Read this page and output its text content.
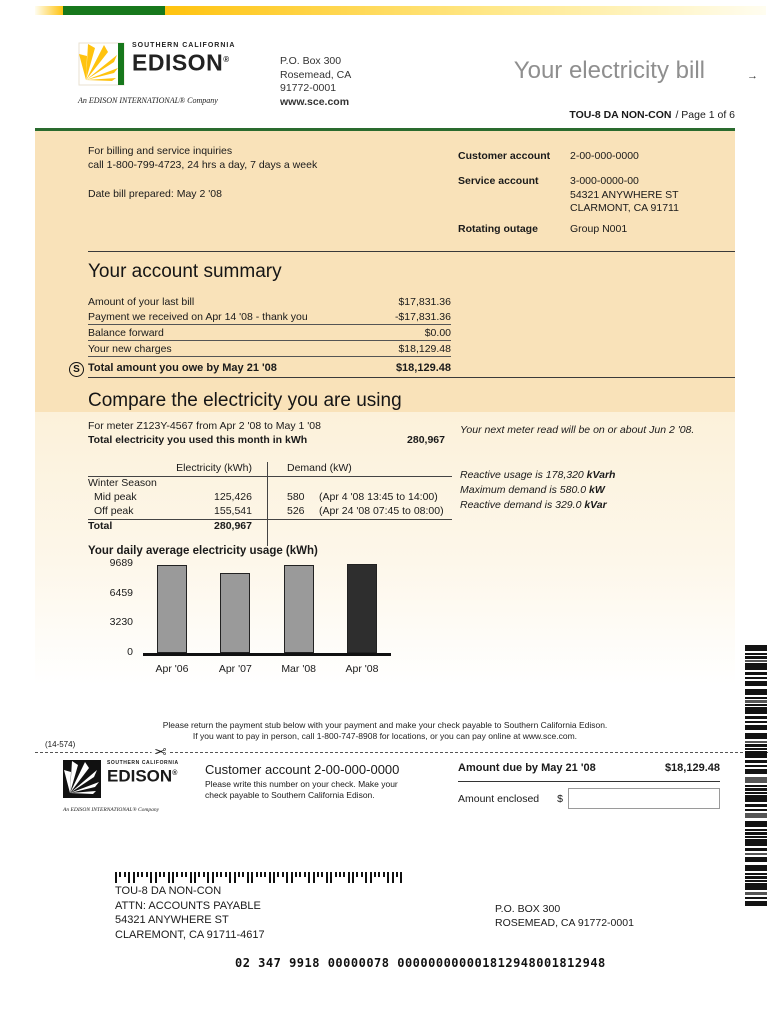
SOUTHERN CALIFORNIA
EDISON®
An EDISON INTERNATIONAL® Company
P.O. Box 300
Rosemead, CA
91772-0001
www.sce.com
Your electricity bill	→
TOU-8 DA NON-CON / Page 1 of 6
For billing and service inquiries
call 1-800-799-4723, 24 hrs a day, 7 days a week
Date bill prepared: May 2 '08
Customer account	2-00-000-0000
Service account	3-000-0000-00
54321 ANYWHERE ST
CLARMONT, CA 91711
Rotating outage	Group N001
Your account summary
Amount of your last bill	$17,831.36
Payment we received on Apr 14 '08 - thank you	-$17,831.36
Balance forward	$0.00
Your new charges	$18,129.48
S Total amount you owe by May 21 '08	$18,129.48
Compare the electricity you are using
For meter Z123Y-4567 from Apr 2 '08 to May 1 '08
Total electricity you used this month in kWh	280,967
Your next meter read will be on or about Jun 2 '08.
Electricity (kWh)	Demand (kW)
Winter Season
Mid peak	125,426	580	(Apr 4 '08 13:45 to 14:00)
Off peak	155,541	526	(Apr 24 '08 07:45 to 08:00)
Total	280,967
Reactive usage is 178,320 kVarh
Maximum demand is 580.0 kW
Reactive demand is 329.0 kVar
Your daily average electricity usage (kWh)
0
3230
6459
9689
Apr '06	Apr '07	Mar '08	Apr '08
Please return the payment stub below with your payment and make your check payable to Southern California Edison.
If you want to pay in person, call 1-800-747-8908 for locations, or you can pay online at www.sce.com.
(14-574)	✂
SOUTHERN CALIFORNIA
EDISON®
An EDISON INTERNATIONAL® Company
Customer account 2-00-000-0000
Please write this number on your check. Make your
check payable to Southern California Edison.
Amount due by May 21 '08	$18,129.48
Amount enclosed	$
TOU-8 DA NON-CON
ATTN: ACCOUNTS PAYABLE
54321 ANYWHERE ST
CLAREMONT, CA 91711-4617
P.O. BOX 300
ROSEMEAD, CA 91772-0001
02 347 9918 00000078 000000000001812948001812948
